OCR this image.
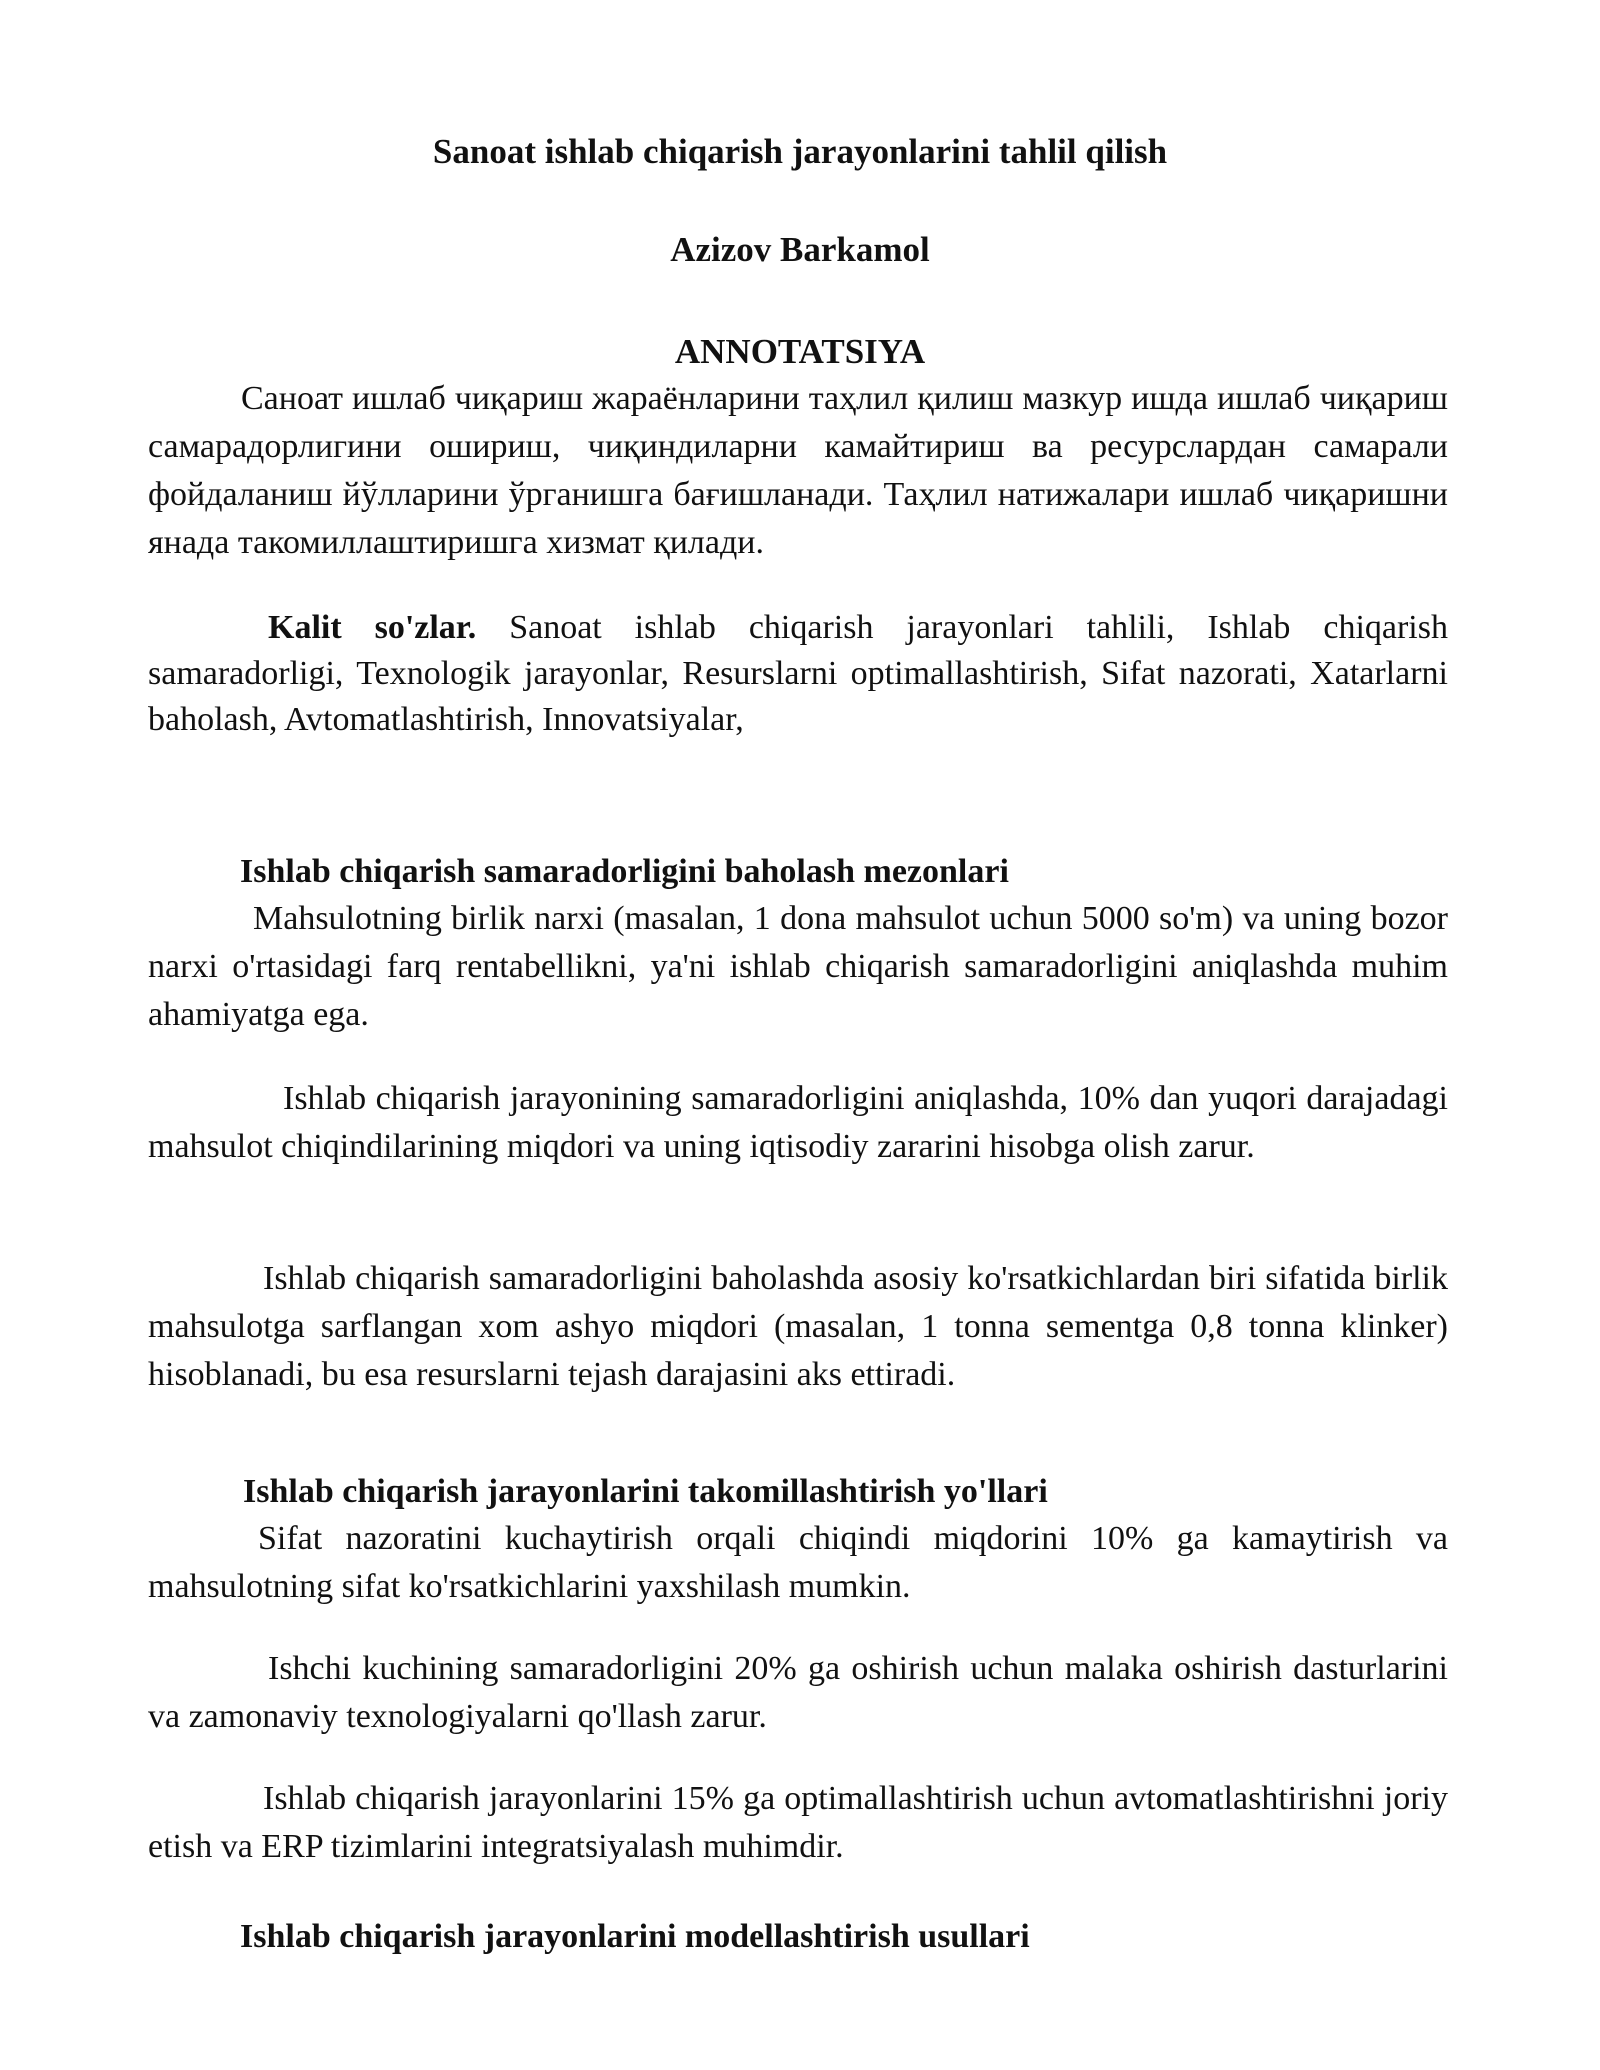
Sanoat ishlab chiqarish jarayonlarini tahlil qilish
Azizov Barkamol
ANNOTATSIYA

Саноат ишлаб чиқариш жараёнларини таҳлил қилиш мазкур ишда ишлаб чиқариш самарадорлигини ошириш, чиқиндиларни камайтириш ва ресурслардан самарали фойдаланиш йўлларини ўрганишга бағишланади. Таҳлил натижалари ишлаб чиқаришни янада такомиллаштиришга хизмат қилади.

Kalit so'zlar. Sanoat ishlab chiqarish jarayonlari tahlili, Ishlab chiqarish samaradorligi, Texnologik jarayonlar, Resurslarni optimallashtirish, Sifat nazorati, Xatarlarni baholash, Avtomatlashtirish, Innovatsiyalar,

Ishlab chiqarish samaradorligini baholash mezonlari

Mahsulotning birlik narxi (masalan, 1 dona mahsulot uchun 5000 so'm) va uning bozor narxi o'rtasidagi farq rentabellikni, ya'ni ishlab chiqarish samaradorligini aniqlashda muhim ahamiyatga ega.

Ishlab chiqarish jarayonining samaradorligini aniqlashda, 10% dan yuqori darajadagi mahsulot chiqindilarining miqdori va uning iqtisodiy zararini hisobga olish zarur.

Ishlab chiqarish samaradorligini baholashda asosiy ko'rsatkichlardan biri sifatida birlik mahsulotga sarflangan xom ashyo miqdori (masalan, 1 tonna sementga 0,8 tonna klinker) hisoblanadi, bu esa resurslarni tejash darajasini aks ettiradi.

Ishlab chiqarish jarayonlarini takomillashtirish yo'llari

Sifat nazoratini kuchaytirish orqali chiqindi miqdorini 10% ga kamaytirish va mahsulotning sifat ko'rsatkichlarini yaxshilash mumkin.

Ishchi kuchining samaradorligini 20% ga oshirish uchun malaka oshirish dasturlarini va zamonaviy texnologiyalarni qo'llash zarur.

Ishlab chiqarish jarayonlarini 15% ga optimallashtirish uchun avtomatlashtirishni joriy etish va ERP tizimlarini integratsiyalash muhimdir.

Ishlab chiqarish jarayonlarini modellashtirish usullari
